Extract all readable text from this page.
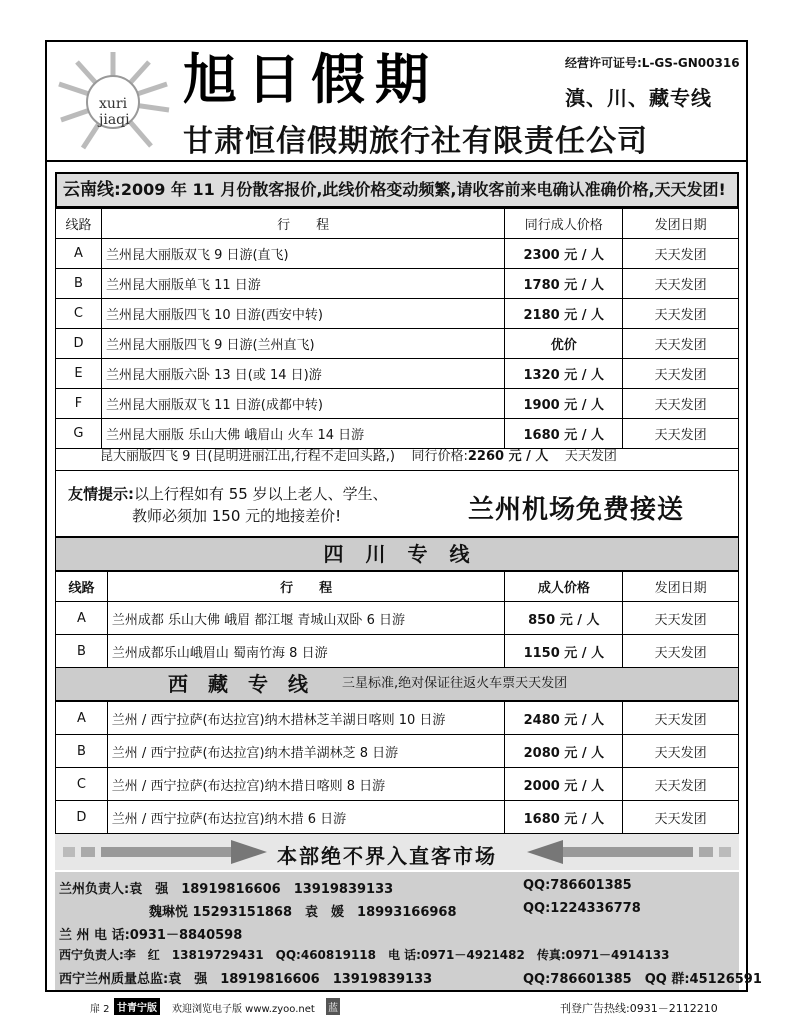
xuri
jiaqi
旭日假期	经营许可证号:L-GS-GN00316
滇、川、藏专线
甘肃恒信假期旅行社有限责任公司
云南线:2009 年 11 月份散客报价,此线价格变动频繁,请收客前来电确认准确价格,天天发团!
线路	行　　程	同行成人价格	发团日期
A	兰州昆大丽版双飞 9 日游(直飞)	2300 元 / 人	天天发团
B	兰州昆大丽版单飞 11 日游	1780 元 / 人	天天发团
C	兰州昆大丽版四飞 10 日游(西安中转)	2180 元 / 人	天天发团
D	兰州昆大丽版四飞 9 日游(兰州直飞)	优价	天天发团
E	兰州昆大丽版六卧 13 日(或 14 日)游	1320 元 / 人	天天发团
F	兰州昆大丽版双飞 11 日游(成都中转)	1900 元 / 人	天天发团
G	兰州昆大丽版 乐山大佛 峨眉山 火车 14 日游	1680 元 / 人	天天发团
昆大丽版四飞 9 日(昆明进丽江出,行程不走回头路,) 同行价格:2260 元 / 人 天天发团
友情提示:以上行程如有 55 岁以上老人、学生、
教师必须加 150 元的地接差价!	兰州机场免费接送
四　川　专　线
线路	行　　程	成人价格	发团日期
A	兰州成都 乐山大佛 峨眉 都江堰 青城山双卧 6 日游	850 元 / 人	天天发团
B	兰州成都乐山峨眉山 蜀南竹海 8 日游	1150 元 / 人	天天发团
西　藏　专　线	三星标准,绝对保证往返火车票天天发团
A	兰州 / 西宁拉萨(布达拉宫)纳木措林芝羊湖日喀则 10 日游	2480 元 / 人	天天发团
B	兰州 / 西宁拉萨(布达拉宫)纳木措羊湖林芝 8 日游	2080 元 / 人	天天发团
C	兰州 / 西宁拉萨(布达拉宫)纳木措日喀则 8 日游	2000 元 / 人	天天发团
D	兰州 / 西宁拉萨(布达拉宫)纳木措 6 日游	1680 元 / 人	天天发团
本部绝不界入直客市场
兰州负责人:袁　强　18919816606　13919839133	QQ:786601385
魏琳悦 15293151868　袁　媛　18993166968	QQ:1224336778
兰 州 电 话:0931－8840598
西宁负责人:李　红　13819729431　QQ:460819118　电 话:0971－4921482　传真:0971－4914133
西宁兰州质量总监:袁　强　18919816606　13919839133	QQ:786601385　QQ 群:45126591
扉 2 甘青宁版	欢迎浏览电子版 www.zyoo.net 蓝	刊登广告热线:0931－2112210
